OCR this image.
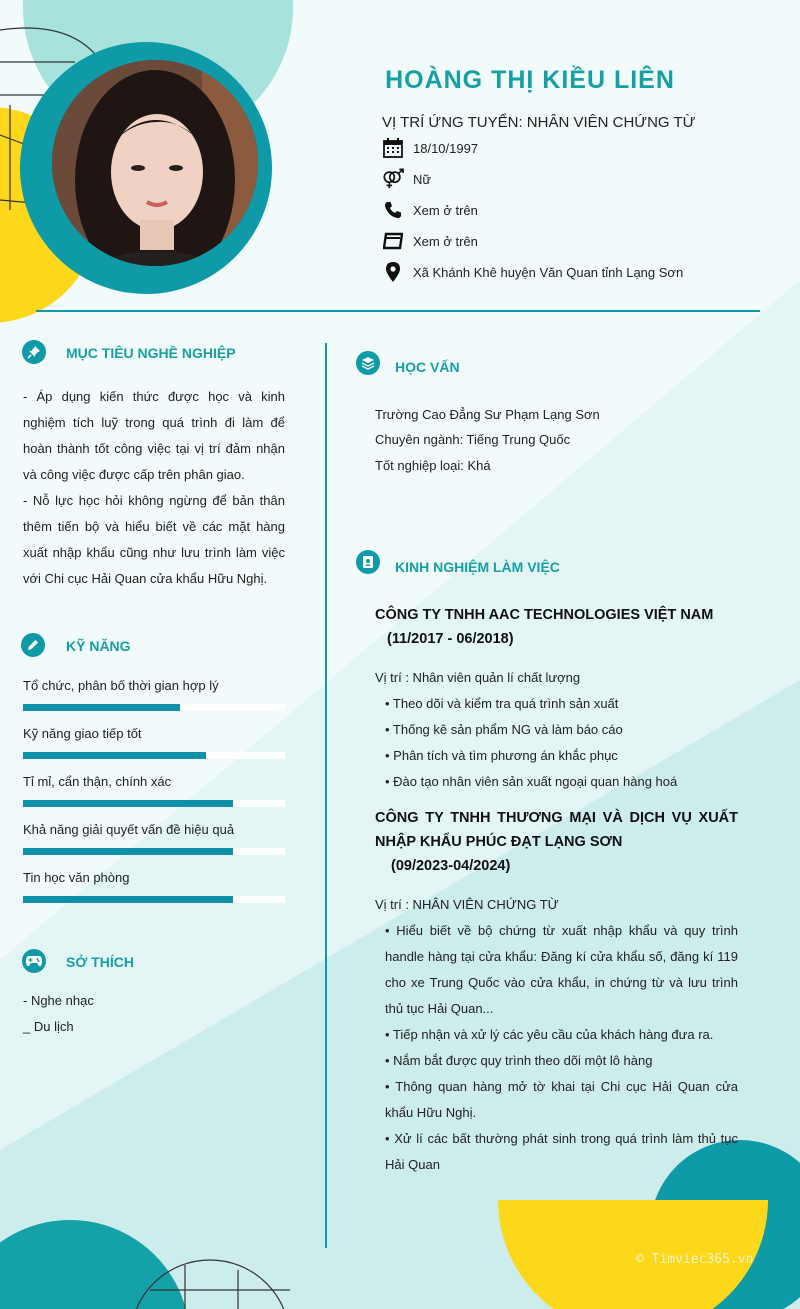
HOÀNG THỊ KIỀU LIÊN
VỊ TRÍ ỨNG TUYỂN: NHÂN VIÊN CHỨNG TỪ
18/10/1997
Nữ
Xem ở trên
Xem ở trên
Xã Khánh Khê huyện Văn Quan tỉnh Lạng Sơn
MỤC TIÊU NGHỀ NGHIỆP
- Áp dụng kiến thức được học và kinh nghiệm tích luỹ trong quá trình đi làm để hoàn thành tốt công việc tại vị trí đảm nhận và công việc được cấp trên phân giao.
- Nỗ lực học hỏi không ngừng để bản thân thêm tiến bộ và hiểu biết về các mặt hàng xuất nhập khẩu cũng như lưu trình làm việc với Chi cục Hải Quan cửa khẩu Hữu Nghị.
KỸ NĂNG
Tổ chức, phân bố thời gian hợp lý
Kỹ năng giao tiếp tốt
Tỉ mỉ, cẩn thận, chính xác
Khả năng giải quyết vấn đề hiệu quả
Tin học văn phòng
SỞ THÍCH
- Nghe nhạc
_ Du lịch
HỌC VẤN
Trường Cao Đẳng Sư Phạm Lạng Sơn
Chuyên ngành: Tiếng Trung Quốc
Tốt nghiệp loại: Khá
KINH NGHIỆM LÀM VIỆC
CÔNG TY TNHH AAC TECHNOLOGIES VIỆT NAM
(11/2017 - 06/2018)
Vị trí : Nhân viên quản lí chất lượng
• Theo dõi và kiểm tra quá trình sản xuất
• Thống kê sản phẩm NG và làm báo cáo
• Phân tích và tìm phương án khắc phục
• Đào tạo nhân viên sản xuất ngoại quan hàng hoá
CÔNG TY TNHH THƯƠNG MẠI VÀ DỊCH VỤ XUẤT NHẬP KHẨU PHÚC ĐẠT LẠNG SƠN
(09/2023-04/2024)
Vị trí : NHÂN VIÊN CHỨNG TỪ
• Hiểu biết về bộ chứng từ xuất nhập khẩu và quy trình handle hàng tại cửa khẩu: Đăng kí cửa khẩu số, đăng kí 119 cho xe Trung Quốc vào cửa khẩu, in chứng từ và lưu trình thủ tục Hải Quan...
• Tiếp nhận và xử lý các yêu cầu của khách hàng đưa ra.
• Nắm bắt được quy trình theo dõi một lô hàng
• Thông quan hàng mở tờ khai tại Chi cục Hải Quan cửa khẩu Hữu Nghị.
• Xử lí các bất thường phát sinh trong quá trình làm thủ tục Hải Quan
© Timviec365.vn
